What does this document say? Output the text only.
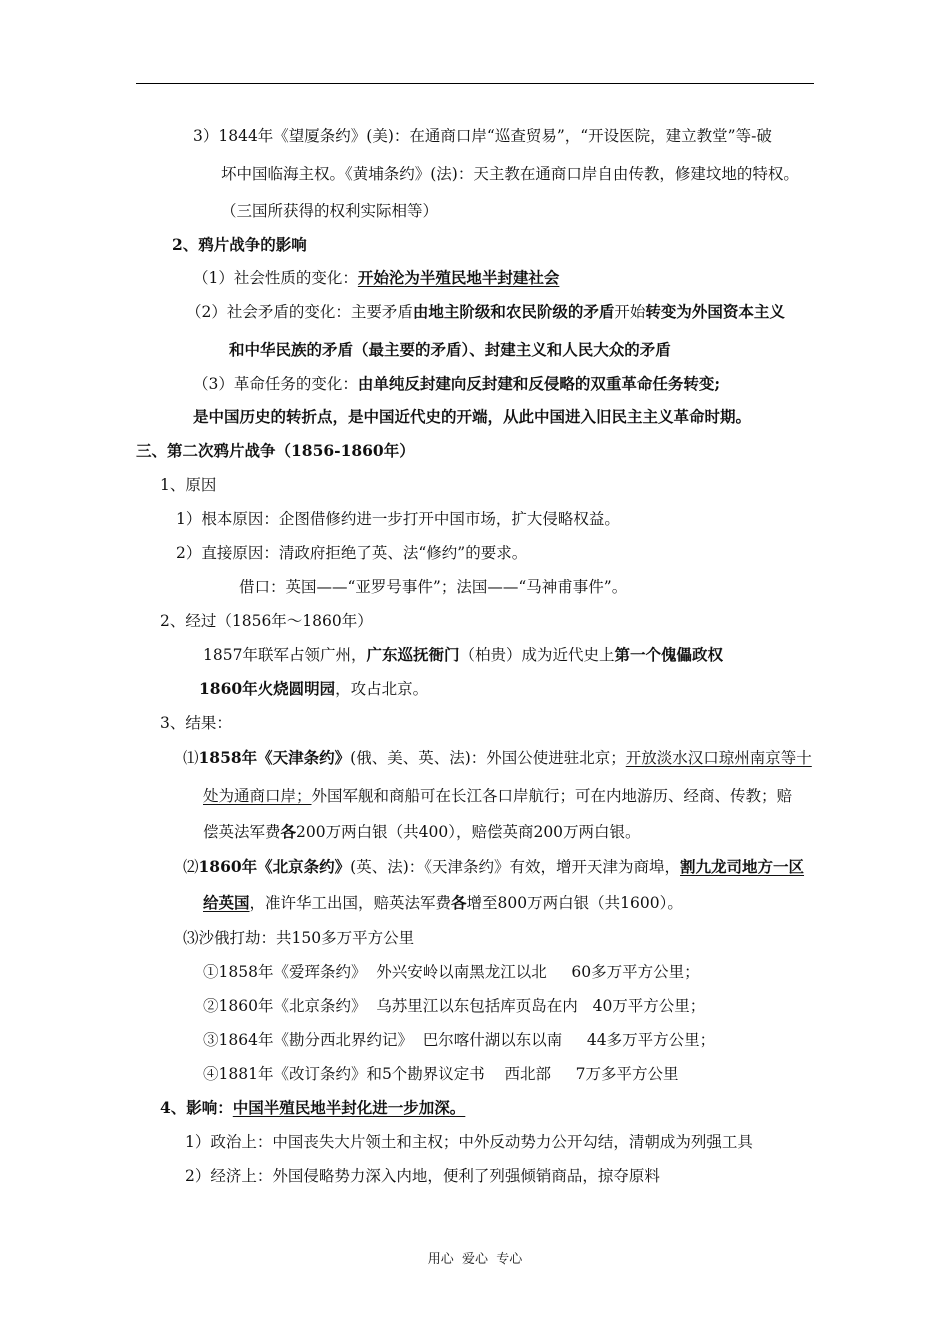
3）1844年《望厦条约》(美)：在通商口岸“巡查贸易”，“开设医院，建立教堂”等-破
坏中国临海主权。《黄埔条约》(法)：天主教在通商口岸自由传教，修建坟地的特权。
（三国所获得的权利实际相等）
2、鸦片战争的影响
（1）社会性质的变化：开始沦为半殖民地半封建社会
（2）社会矛盾的变化：主要矛盾由地主阶级和农民阶级的矛盾开始转变为外国资本主义
和中华民族的矛盾（最主要的矛盾）、封建主义和人民大众的矛盾
（3）革命任务的变化：由单纯反封建向反封建和反侵略的双重革命任务转变;
是中国历史的转折点，是中国近代史的开端，从此中国进入旧民主主义革命时期。
三、第二次鸦片战争（1856-1860年）
1、原因
1）根本原因：企图借修约进一步打开中国市场，扩大侵略权益。
2）直接原因：清政府拒绝了英、法“修约”的要求。
借口：英国——“亚罗号事件”；法国——“马神甫事件”。
2、经过（1856年～1860年）
1857年联军占领广州，广东巡抚衙门（柏贵）成为近代史上第一个傀儡政权
1860年火烧圆明园，攻占北京。
3、结果：
⑴1858年《天津条约》(俄、美、英、法)：外国公使进驻北京；开放淡水汉口琼州南京等十
处为通商口岸；外国军舰和商船可在长江各口岸航行；可在内地游历、经商、传教；赔
偿英法军费各200万两白银（共400），赔偿英商200万两白银。
⑵1860年《北京条约》(英、法)：《天津条约》有效，增开天津为商埠，割九龙司地方一区
给英国，准许华工出国，赔英法军费各增至800万两白银（共1600）。
⑶沙俄打劫：共150多万平方公里
①1858年《爱珲条约》  外兴安岭以南黑龙江以北     60多万平方公里；
②1860年《北京条约》  乌苏里江以东包括库页岛在内   40万平方公里；
③1864年《勘分西北界约记》  巴尔喀什湖以东以南     44多万平方公里；
④1881年《改订条约》和5个勘界议定书    西北部     7万多平方公里
4、影响：中国半殖民地半封化进一步加深。
1）政治上：中国丧失大片领土和主权；中外反动势力公开勾结，清朝成为列强工具
2）经济上：外国侵略势力深入内地，便利了列强倾销商品，掠夺原料
用心  爱心  专心
